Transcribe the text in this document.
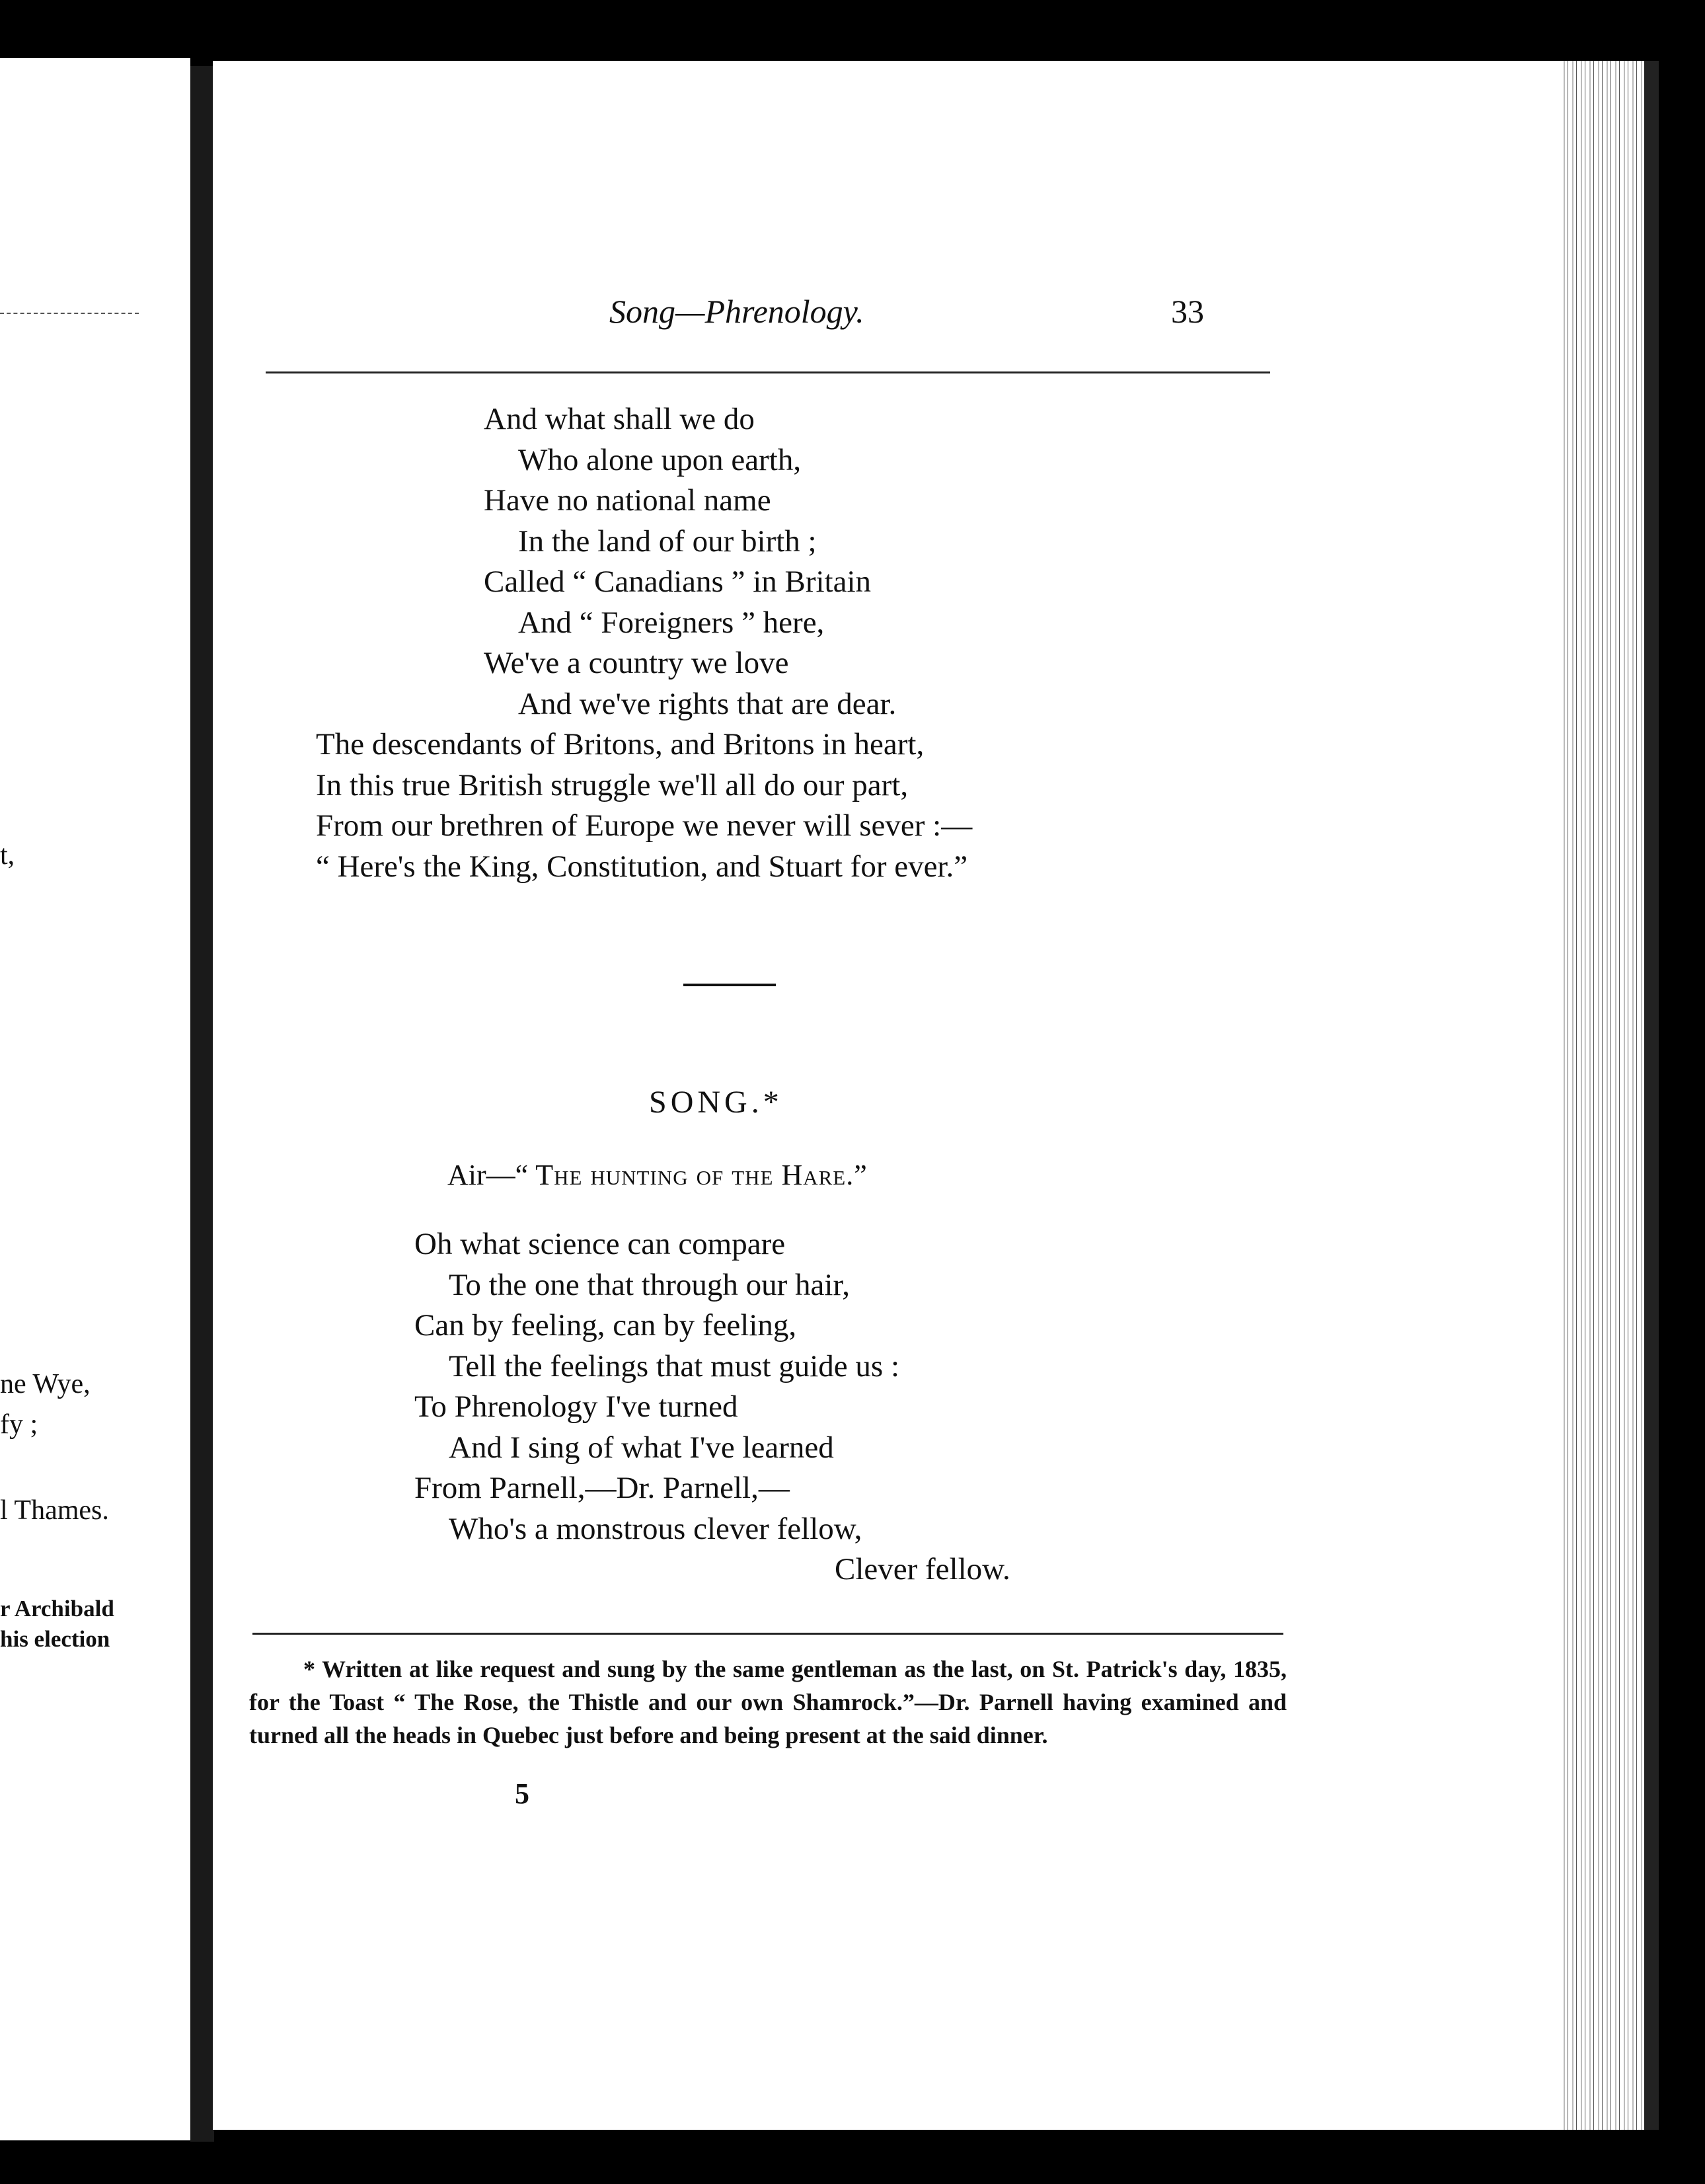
t,
ne Wye,
fy ;
l Thames.
r Archibald
his election
Song—Phrenology.	33
And what shall we do
Who alone upon earth,
Have no national name
In the land of our birth ;
Called “ Canadians ” in Britain
And “ Foreigners ” here,
We've a country we love
And we've rights that are dear.
The descendants of Britons, and Britons in heart,
In this true British struggle we'll all do our part,
From our brethren of Europe we never will sever :—
“ Here's the King, Constitution, and Stuart for ever.”
SONG.*
Air—“ The hunting of the Hare.”
Oh what science can compare
To the one that through our hair,
Can by feeling, can by feeling,
Tell the feelings that must guide us :
To Phrenology I've turned
And I sing of what I've learned
From Parnell,—Dr. Parnell,—
Who's a monstrous clever fellow,
Clever fellow.

* Written at like request and sung by the same gentleman as the last, on St. Patrick's day, 1835, for the Toast “ The Rose, the Thistle and our own Shamrock.”—Dr. Parnell having examined and turned all the heads in Quebec just before and being present at the said dinner.

5
